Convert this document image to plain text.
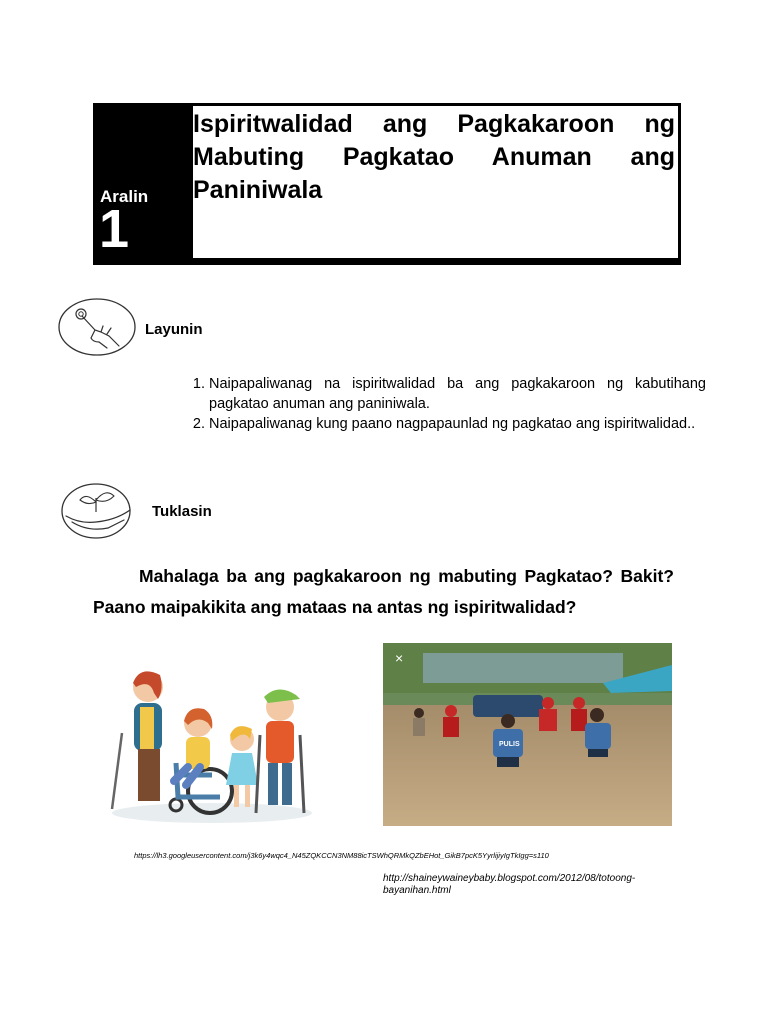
Aralin
1
Ispiritwalidad ang Pagkakaroon ng Mabuting Pagkatao Anuman ang Paniniwala
Layunin
1. Naipapaliwanag na ispiritwalidad ba ang pagkakaroon ng kabutihang pagkatao anuman ang paniniwala.
2. Naipapaliwanag kung paano nagpapaunlad ng pagkatao ang ispiritwalidad..
Tuklasin

Mahalaga ba ang pagkakaroon ng mabuting Pagkatao? Bakit? Paano maipakikita ang mataas na antas ng ispiritwalidad?

https://lh3.googleusercontent.com/j3k6y4wqc4_N45ZQKCCN3NM88icTSWhQRMkQZbEHot_GikB7pcK5YyrlijiyIgTkIgg=s110
PULIS
×
http://shaineywaineybaby.blogspot.com/2012/08/totoong-bayanihan.html
